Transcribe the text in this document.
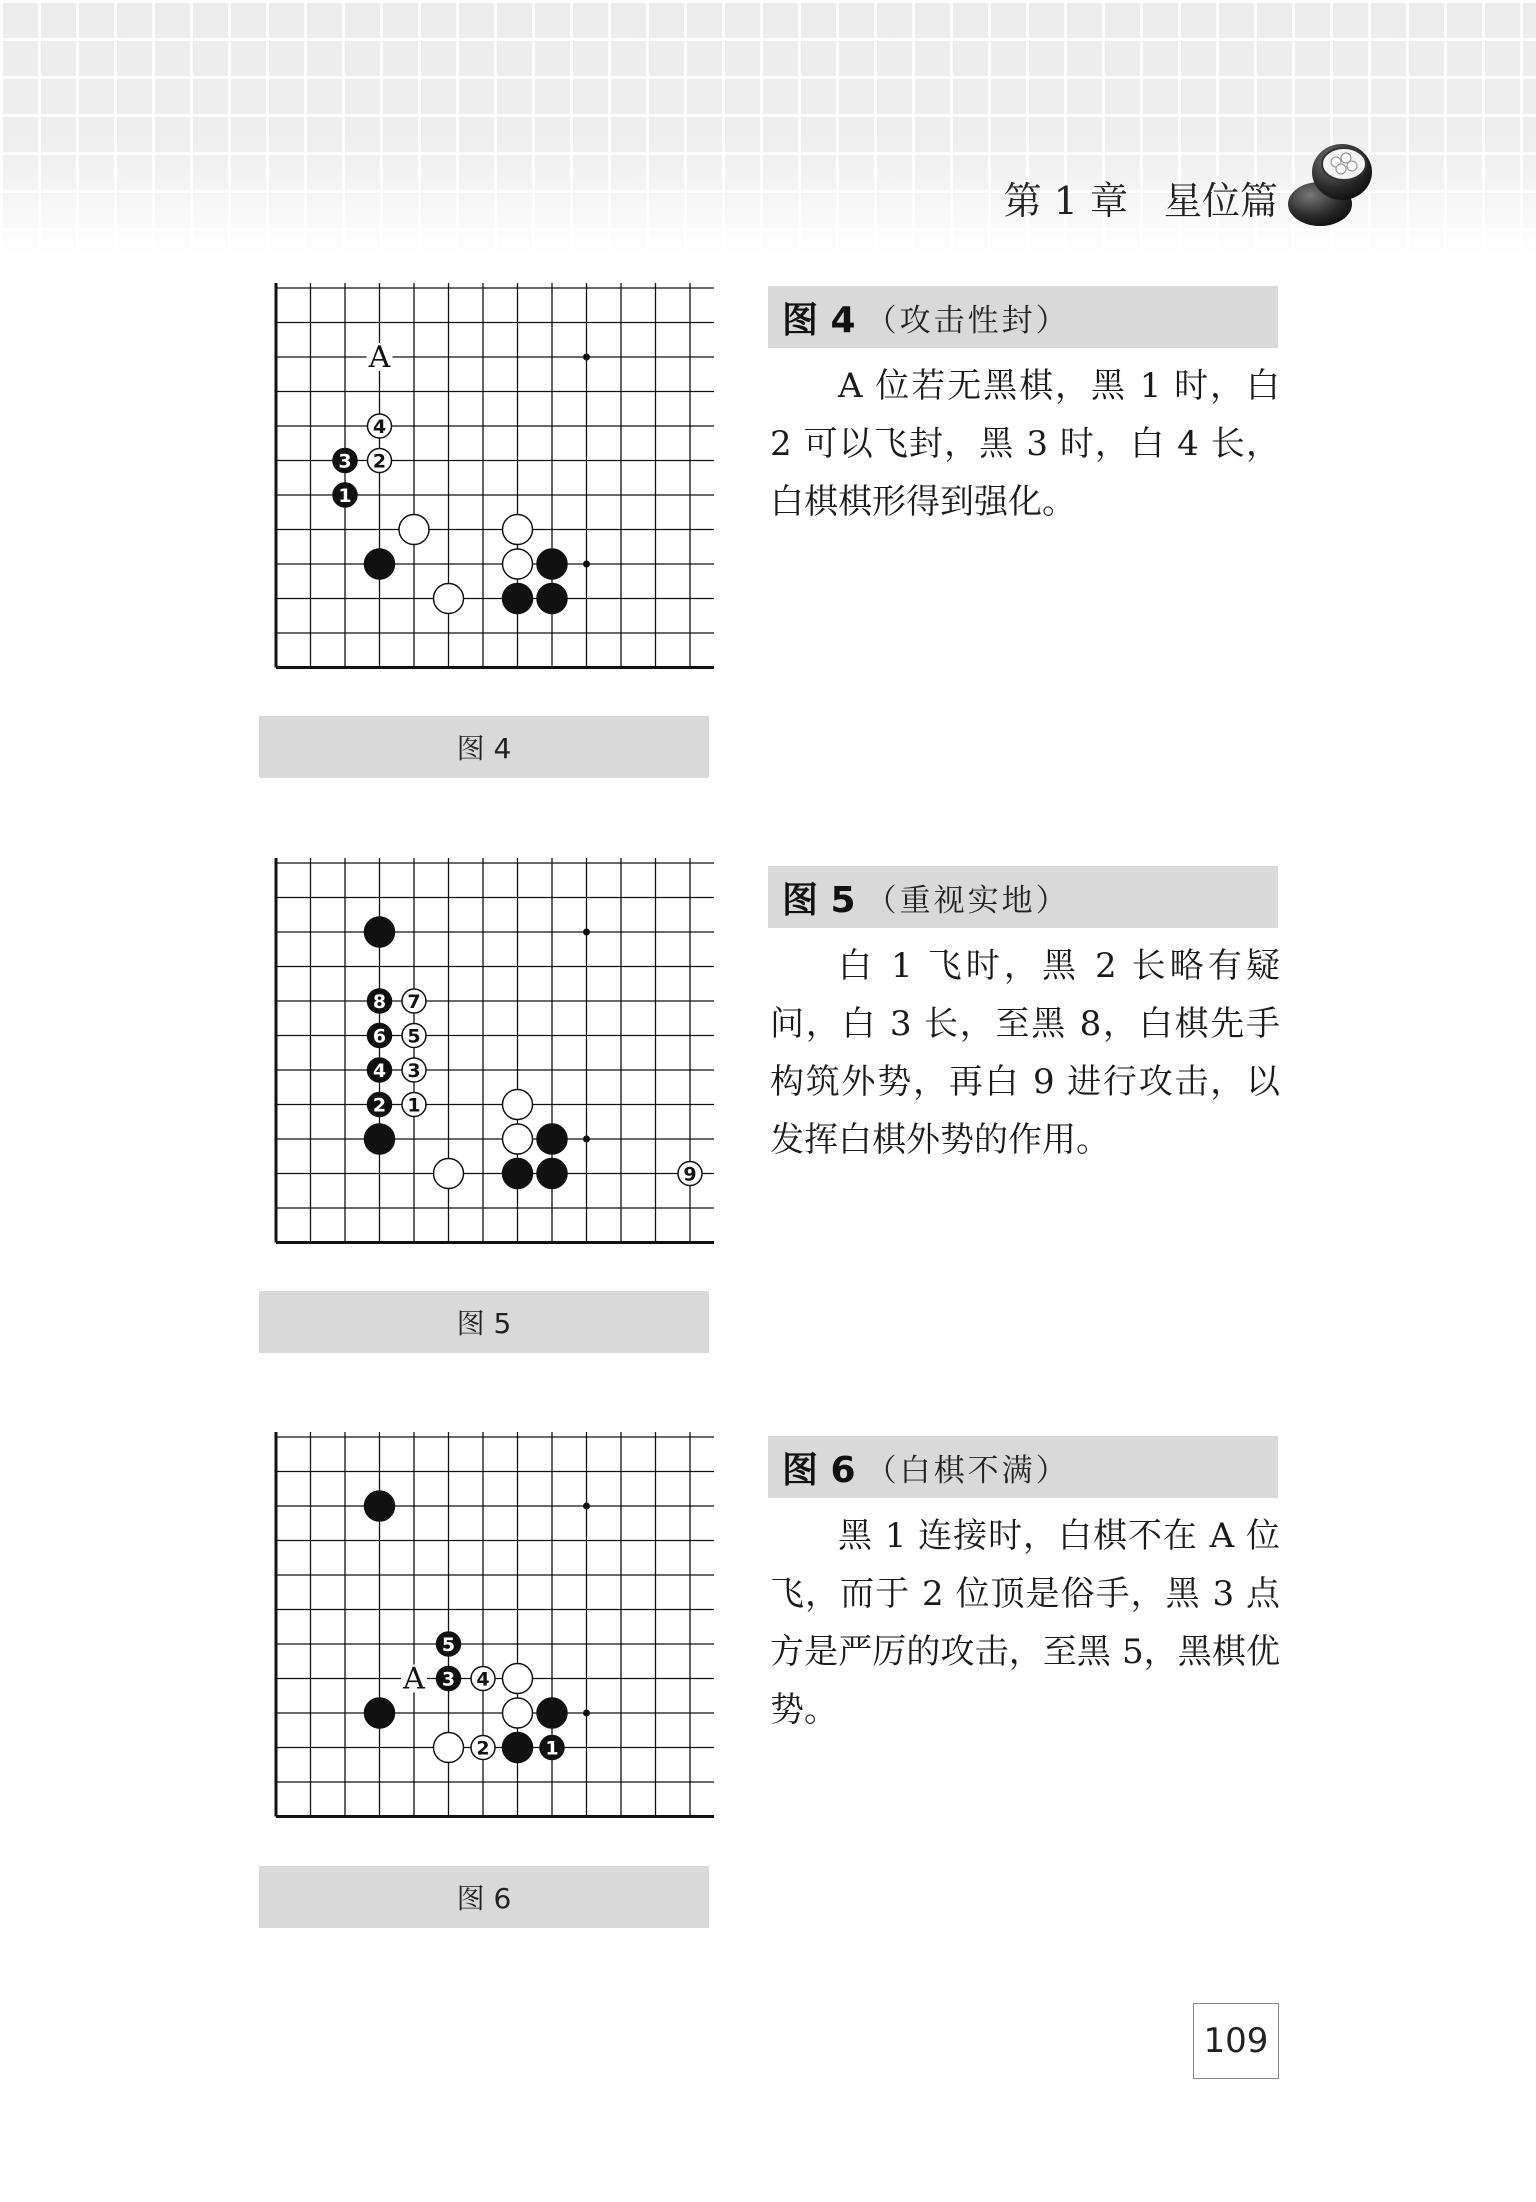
第 1 章 星位篇
1
2
3
4
A
图 4
图 4 （攻击性封）

A 位若无黑棋，黑 1 时，白 2 可以飞封，黑 3 时，白 4 长，白棋棋形得到强化。

1
2
3
4
5
6
7
8
9
图 5
图 5 （重视实地）

白 1 飞时，黑 2 长略有疑问，白 3 长，至黑 8，白棋先手构筑外势，再白 9 进行攻击，以发挥白棋外势的作用。

1
2
3 4
5
A
图 6
图 6 （白棋不满）

黑 1 连接时，白棋不在 A 位飞，而于 2 位顶是俗手，黑 3 点方是严厉的攻击，至黑 5，黑棋优势。

109
